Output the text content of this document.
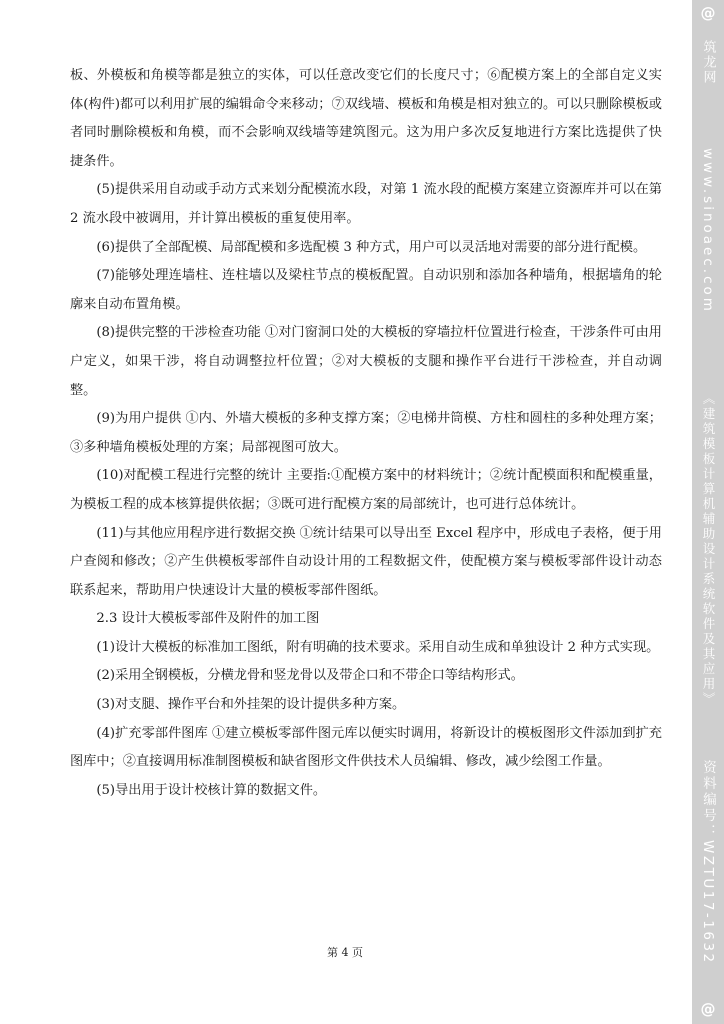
板、外模板和角模等都是独立的实体，可以任意改变它们的长度尺寸；⑥配模方案上的全部自定义实体(构件)都可以利用扩展的编辑命令来移动；⑦双线墙、模板和角模是相对独立的。可以只删除模板或者同时删除模板和角模，而不会影响双线墙等建筑图元。这为用户多次反复地进行方案比选提供了快捷条件。

(5)提供采用自动或手动方式来划分配模流水段，对第 1 流水段的配模方案建立资源库并可以在第 2 流水段中被调用，并计算出模板的重复使用率。

(6)提供了全部配模、局部配模和多选配模 3 种方式，用户可以灵活地对需要的部分进行配模。

(7)能够处理连墙柱、连柱墙以及梁柱节点的模板配置。自动识别和添加各种墙角，根据墙角的轮廓来自动布置角模。

(8)提供完整的干涉检查功能 ①对门窗洞口处的大模板的穿墙拉杆位置进行检查，干涉条件可由用户定义，如果干涉，将自动调整拉杆位置；②对大模板的支腿和操作平台进行干涉检查，并自动调整。

(9)为用户提供 ①内、外墙大模板的多种支撑方案；②电梯井筒模、方柱和圆柱的多种处理方案；③多种墙角模板处理的方案；局部视图可放大。

(10)对配模工程进行完整的统计 主要指:①配模方案中的材料统计；②统计配模面积和配模重量，为模板工程的成本核算提供依据；③既可进行配模方案的局部统计，也可进行总体统计。

(11)与其他应用程序进行数据交换 ①统计结果可以导出至 Excel 程序中，形成电子表格，便于用户查阅和修改；②产生供模板零部件自动设计用的工程数据文件，使配模方案与模板零部件设计动态联系起来，帮助用户快速设计大量的模板零部件图纸。

2.3 设计大模板零部件及附件的加工图

(1)设计大模板的标准加工图纸，附有明确的技术要求。采用自动生成和单独设计 2 种方式实现。

(2)采用全钢模板，分横龙骨和竖龙骨以及带企口和不带企口等结构形式。

(3)对支腿、操作平台和外挂架的设计提供多种方案。

(4)扩充零部件图库 ①建立模板零部件图元库以便实时调用，将新设计的模板图形文件添加到扩充图库中；②直接调用标准制图模板和缺省图形文件供技术人员编辑、修改，减少绘图工作量。

(5)导出用于设计校核计算的数据文件。

第 4 页
@
筑龙网
www.sinoaec.com
《建筑模板计算机辅助设计系统软件及其应用》
资料编号：WZTU17-1632
@
